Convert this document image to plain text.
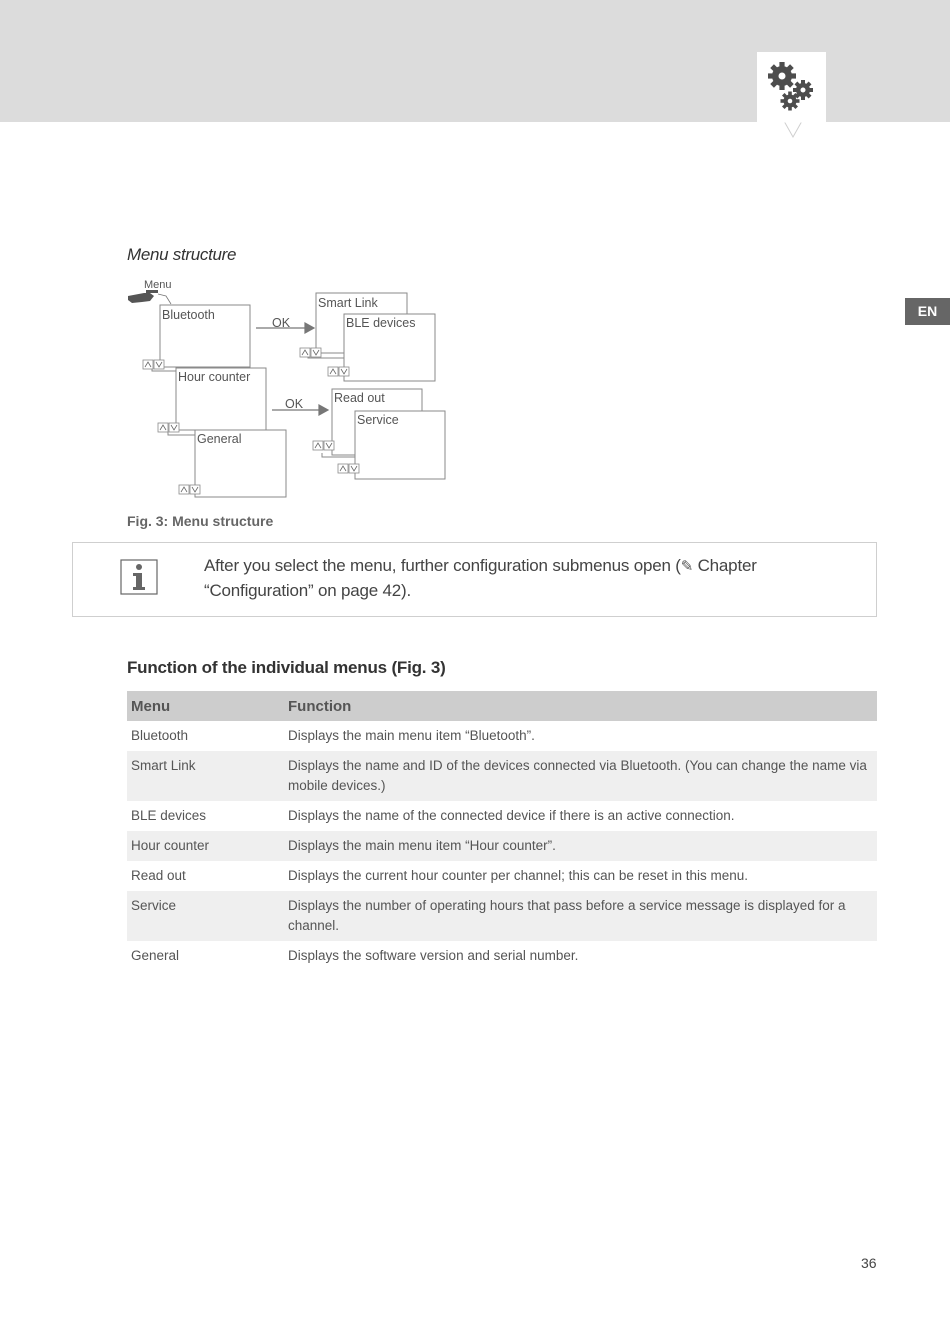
EN
Menu structure
Bluetooth
Hour counter
General
Smart Link
BLE devices
Read out
Service
OK
OK
Menu
Fig. 3: Menu structure
After you select the menu, further configuration submenus open (✎ Chapter “Configuration” on page 42).
Function of the individual menus (Fig. 3)
Menu	Function
Bluetooth	Displays the main menu item “Bluetooth”.
Smart Link	Displays the name and ID of the devices connected via Bluetooth. (You can change the name via mobile devices.)
BLE devices	Displays the name of the connected device if there is an active connection.
Hour counter	Displays the main menu item “Hour counter”.
Read out	Displays the current hour counter per channel; this can be reset in this menu.
Service	Displays the number of operating hours that pass before a service message is displayed for a channel.
General	Displays the software version and serial number.
36
